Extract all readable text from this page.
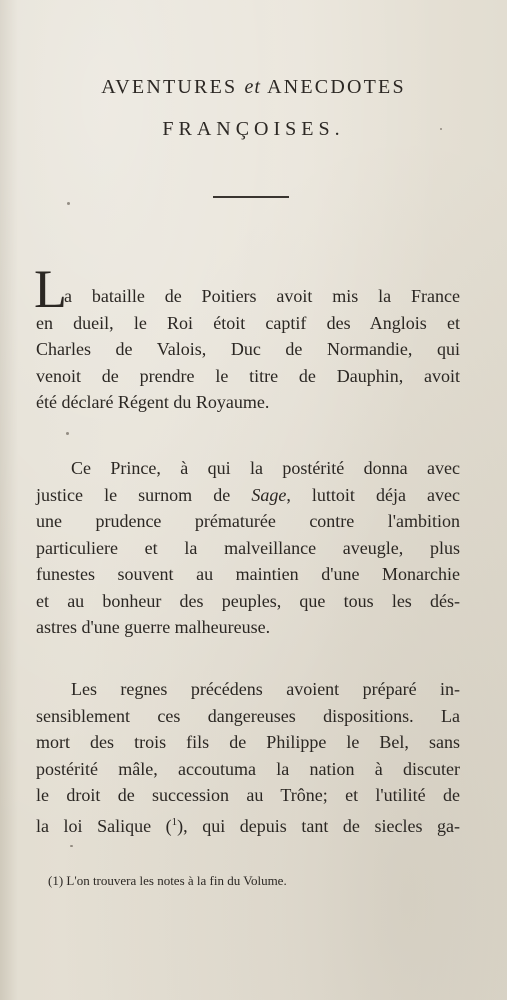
AVENTURES et ANECDOTES
FRANÇOISES.
L
a bataille de Poitiers avoit mis la France
en dueil, le Roi étoit captif des Anglois et
Charles de Valois, Duc de Normandie, qui
venoit de prendre le titre de Dauphin, avoit
été déclaré Régent du Royaume.
Ce Prince, à qui la postérité donna avec
justice le surnom de Sage, luttoit déja avec
une prudence prématurée contre l'ambition
particuliere et la malveillance aveugle, plus
funestes souvent au maintien d'une Monarchie
et au bonheur des peuples, que tous les dés-
astres d'une guerre malheureuse.
Les regnes précédens avoient préparé in-
sensiblement ces dangereuses dispositions. La
mort des trois fils de Philippe le Bel, sans
postérité mâle, accoutuma la nation à discuter
le droit de succession au Trône; et l'utilité de
la loi Salique ($^1$), qui depuis tant de siecles ga-
(1) L'on trouvera les notes à la fin du Volume.
